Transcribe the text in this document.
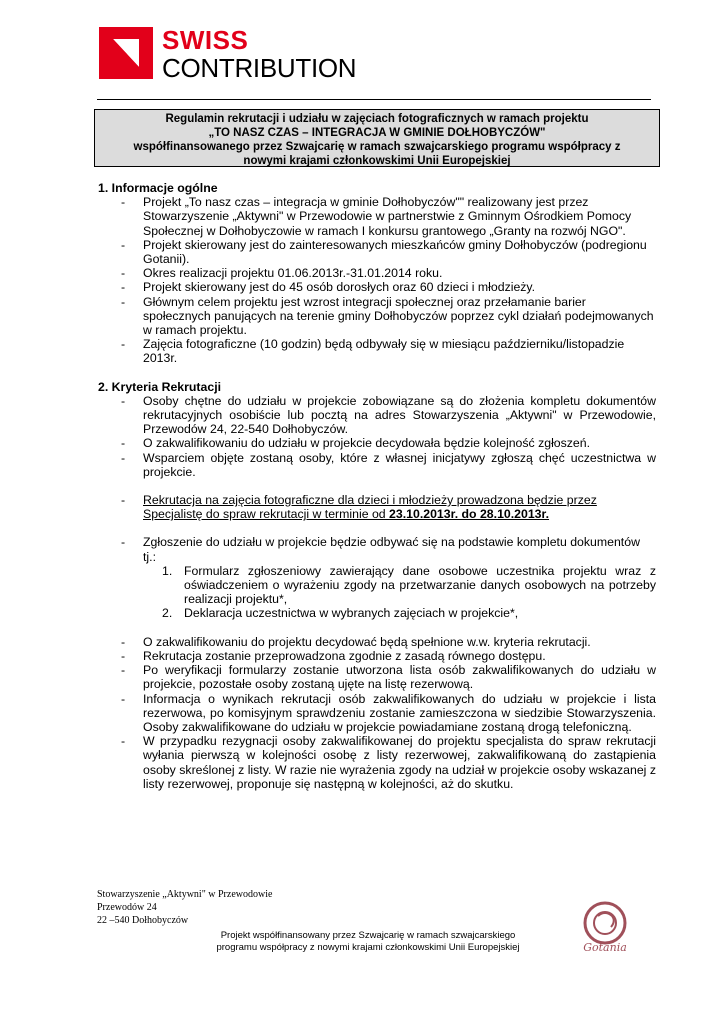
SWISS
CONTRIBUTION
Regulamin rekrutacji i udziału w zajęciach fotograficznych w ramach projektu
„TO NASZ CZAS – INTEGRACJA W GMINIE DOŁHOBYCZÓW"
współfinansowanego przez Szwajcarię w ramach szwajcarskiego programu współpracy z
nowymi krajami członkowskimi Unii Europejskiej
1. Informacje ogólne
- Projekt „To nasz czas – integracja w gminie Dołhobyczów"" realizowany jest przez Stowarzyszenie „Aktywni" w Przewodowie w partnerstwie z Gminnym Ośrodkiem Pomocy Społecznej w Dołhobyczowie w ramach I konkursu grantowego „Granty na rozwój NGO".
- Projekt skierowany jest do zainteresowanych mieszkańców gminy Dołhobyczów (podregionu Gotanii).
- Okres realizacji projektu 01.06.2013r.-31.01.2014 roku.
- Projekt skierowany jest do 45 osób dorosłych oraz 60 dzieci i młodzieży.
- Głównym celem projektu jest wzrost integracji społecznej oraz przełamanie barier społecznych panujących na terenie gminy Dołhobyczów poprzez cykl działań podejmowanych w ramach projektu.
- Zajęcia fotograficzne (10 godzin) będą odbywały się w miesiącu październiku/listopadzie 2013r.
2. Kryteria Rekrutacji
- Osoby chętne do udziału w projekcie zobowiązane są do złożenia kompletu dokumentów rekrutacyjnych osobiście lub pocztą na adres Stowarzyszenia „Aktywni" w Przewodowie, Przewodów 24, 22-540 Dołhobyczów.
- O zakwalifikowaniu do udziału w projekcie decydowała będzie kolejność zgłoszeń.
- Wsparciem objęte zostaną osoby, które z własnej inicjatywy zgłoszą chęć uczestnictwa w projekcie.
- Rekrutacja na zajęcia fotograficzne dla dzieci i młodzieży prowadzona będzie przez Specjalistę do spraw rekrutacji w terminie od 23.10.2013r. do 28.10.2013r.
- Zgłoszenie do udziału w projekcie będzie odbywać się na podstawie kompletu dokumentów tj.:
1. Formularz zgłoszeniowy zawierający dane osobowe uczestnika projektu wraz z oświadczeniem o wyrażeniu zgody na przetwarzanie danych osobowych na potrzeby realizacji projektu*,
2. Deklaracja uczestnictwa w wybranych zajęciach w projekcie*,
- O zakwalifikowaniu do projektu decydować będą spełnione w.w. kryteria rekrutacji.
- Rekrutacja zostanie przeprowadzona zgodnie z zasadą równego dostępu.
- Po weryfikacji formularzy zostanie utworzona lista osób zakwalifikowanych do udziału w projekcie, pozostałe osoby zostaną ujęte na listę rezerwową.
- Informacja o wynikach rekrutacji osób zakwalifikowanych do udziału w projekcie i lista rezerwowa, po komisyjnym sprawdzeniu zostanie zamieszczona w siedzibie Stowarzyszenia. Osoby zakwalifikowane do udziału w projekcie powiadamiane zostaną drogą telefoniczną.
- W przypadku rezygnacji osoby zakwalifikowanej do projektu specjalista do spraw rekrutacji wyłania pierwszą w kolejności osobę z listy rezerwowej, zakwalifikowaną do zastąpienia osoby skreślonej z listy. W razie nie wyrażenia zgody na udział w projekcie osoby wskazanej z listy rezerwowej, proponuje się następną w kolejności, aż do skutku.
Stowarzyszenie „Aktywni" w Przewodowie
Przewodów 24
22 –540 Dołhobyczów
Projekt współfinansowany przez Szwajcarię w ramach szwajcarskiego
programu współpracy z nowymi krajami członkowskimi Unii Europejskiej	Gotania
